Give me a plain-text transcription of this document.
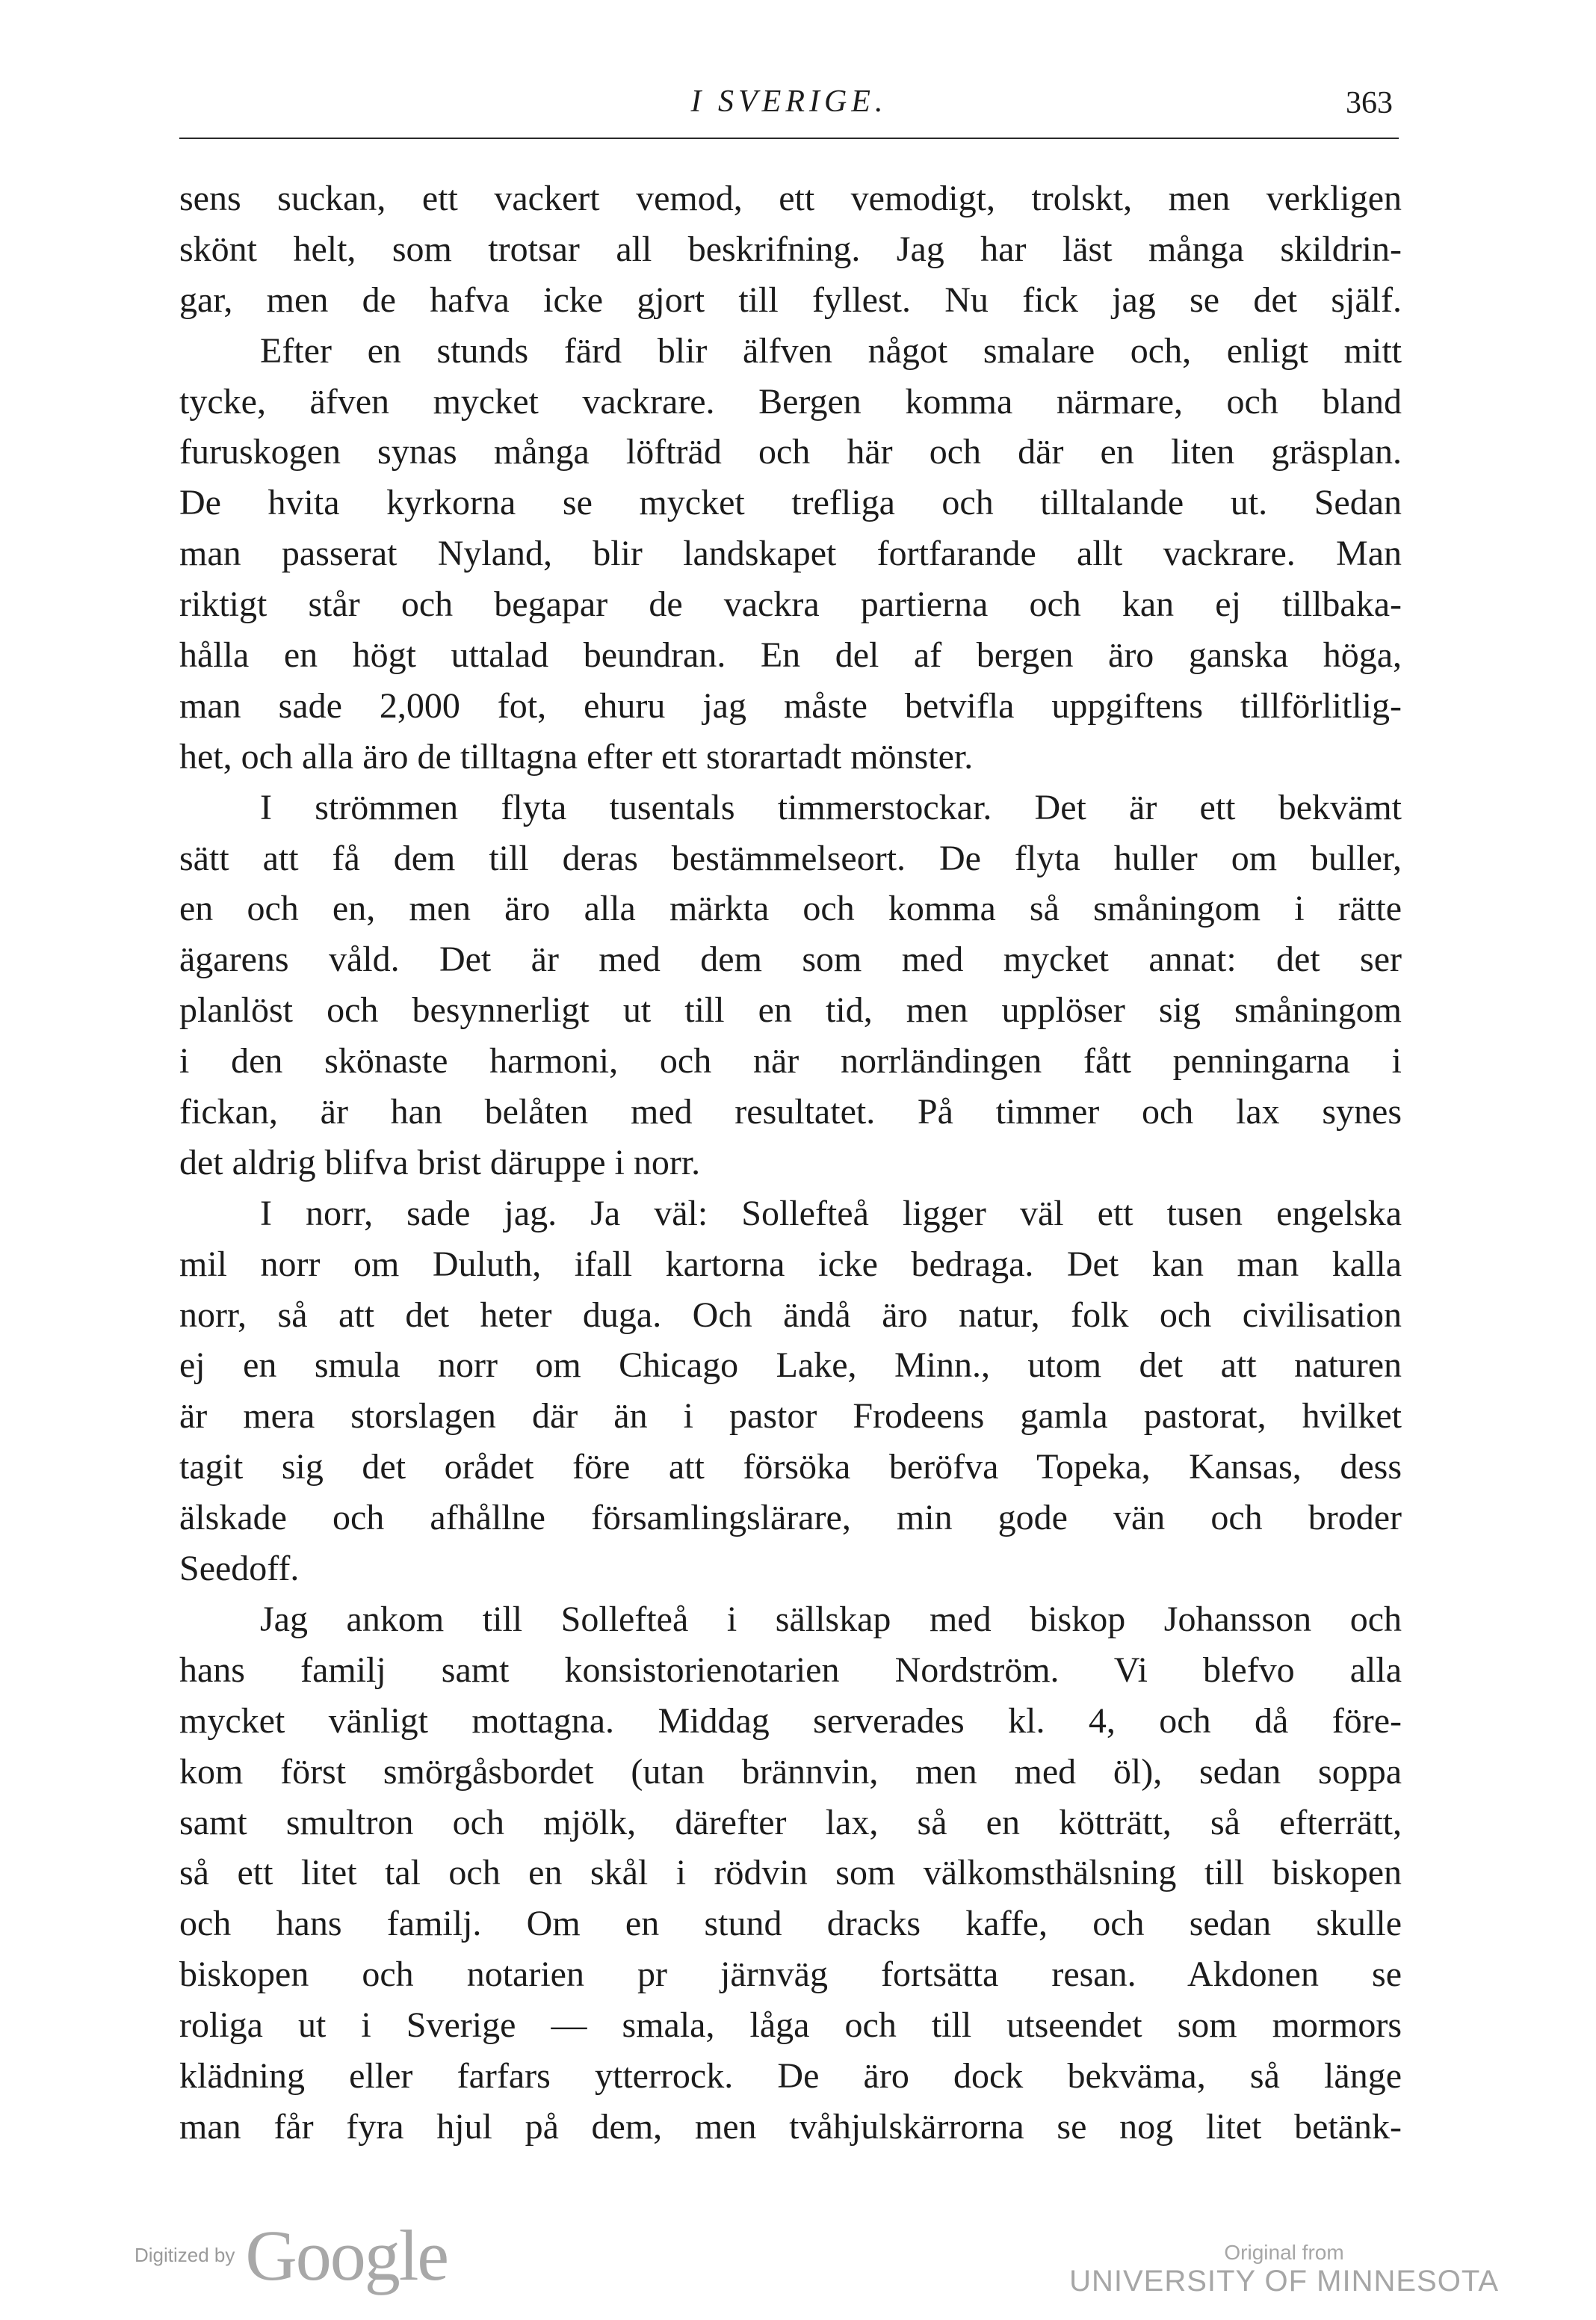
I SVERIGE.	363
sens suckan, ett vackert vemod, ett vemodigt, trolskt, men verkligen
skönt helt, som trotsar all beskrifning. Jag har läst många skildrin-
gar, men de hafva icke gjort till fyllest. Nu fick jag se det själf.
Efter en stunds färd blir älfven något smalare och, enligt mitt
tycke, äfven mycket vackrare. Bergen komma närmare, och bland
furuskogen synas många löfträd och här och där en liten gräsplan.
De hvita kyrkorna se mycket trefliga och tilltalande ut. Sedan
man passerat Nyland, blir landskapet fortfarande allt vackrare. Man
riktigt står och begapar de vackra partierna och kan ej tillbaka-
hålla en högt uttalad beundran. En del af bergen äro ganska höga,
man sade 2,000 fot, ehuru jag måste betvifla uppgiftens tillförlitlig-
het, och alla äro de tilltagna efter ett storartadt mönster.
I strömmen flyta tusentals timmerstockar. Det är ett bekvämt
sätt att få dem till deras bestämmelseort. De flyta huller om buller,
en och en, men äro alla märkta och komma så småningom i rätte
ägarens våld. Det är med dem som med mycket annat: det ser
planlöst och besynnerligt ut till en tid, men upplöser sig småningom
i den skönaste harmoni, och när norrländingen fått penningarna i
fickan, är han belåten med resultatet. På timmer och lax synes
det aldrig blifva brist däruppe i norr.
I norr, sade jag. Ja väl: Sollefteå ligger väl ett tusen engelska
mil norr om Duluth, ifall kartorna icke bedraga. Det kan man kalla
norr, så att det heter duga. Och ändå äro natur, folk och civilisation
ej en smula norr om Chicago Lake, Minn., utom det att naturen
är mera storslagen där än i pastor Frodeens gamla pastorat, hvilket
tagit sig det orådet före att försöka beröfva Topeka, Kansas, dess
älskade och afhållne församlingslärare, min gode vän och broder
Seedoff.
Jag ankom till Sollefteå i sällskap med biskop Johansson och
hans familj samt konsistorienotarien Nordström. Vi blefvo alla
mycket vänligt mottagna. Middag serverades kl. 4, och då före-
kom först smörgåsbordet (utan brännvin, men med öl), sedan soppa
samt smultron och mjölk, därefter lax, så en kötträtt, så efterrätt,
så ett litet tal och en skål i rödvin som välkomsthälsning till biskopen
och hans familj. Om en stund dracks kaffe, och sedan skulle
biskopen och notarien pr järnväg fortsätta resan. Akdonen se
roliga ut i Sverige — smala, låga och till utseendet som mormors
klädning eller farfars ytterrock. De äro dock bekväma, så länge
man får fyra hjul på dem, men tvåhjulskärrorna se nog litet betänk-
Digitized by Google	Original from
UNIVERSITY OF MINNESOTA
